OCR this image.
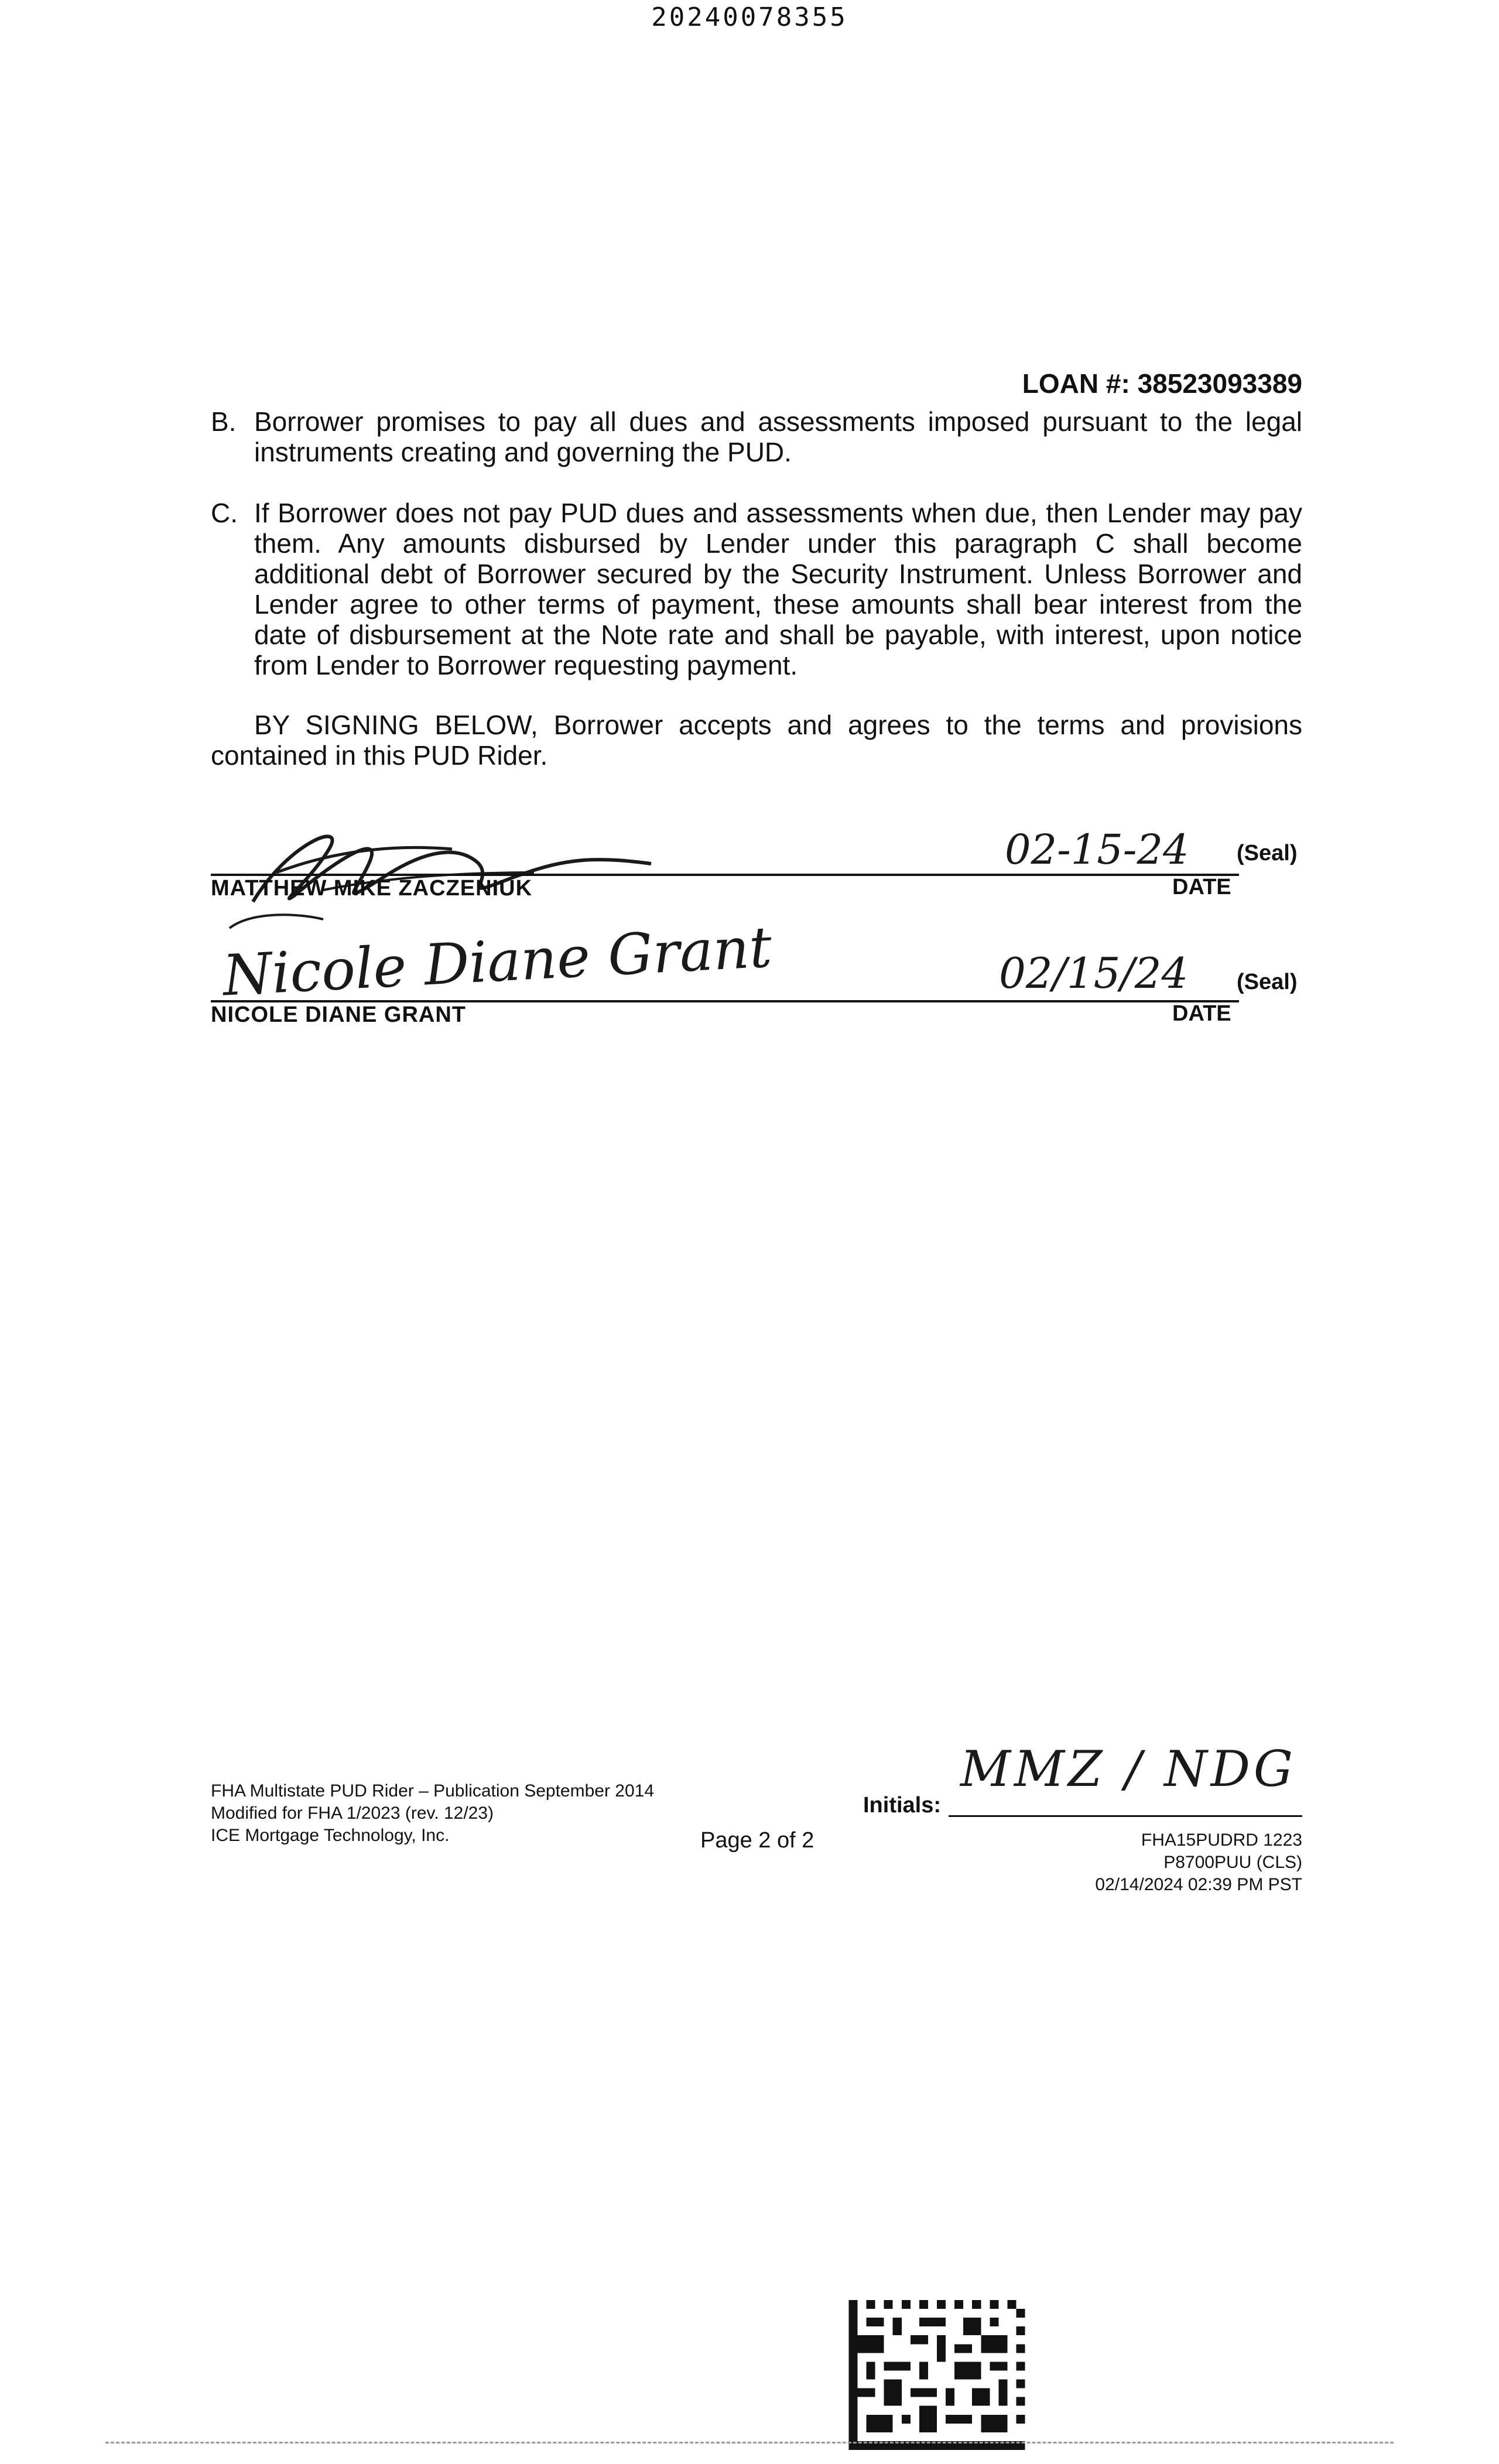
20240078355
LOAN #: 38523093389
B. Borrower promises to pay all dues and assessments imposed pursuant to the legal instruments creating and governing the PUD.
C. If Borrower does not pay PUD dues and assessments when due, then Lender may pay them. Any amounts disbursed by Lender under this paragraph C shall become additional debt of Borrower secured by the Security Instrument. Unless Borrower and Lender agree to other terms of payment, these amounts shall bear interest from the date of disbursement at the Note rate and shall be payable, with interest, upon notice from Lender to Borrower requesting payment.
BY SIGNING BELOW, Borrower accepts and agrees to the terms and provisions contained in this PUD Rider.
02-15-24 (Seal)
MATTHEW MIKE ZACZENIUK	DATE
Nicole Diane Grant	02/15/24 (Seal)
NICOLE DIANE GRANT	DATE
FHA Multistate PUD Rider – Publication September 2014
Modified for FHA 1/2023 (rev. 12/23)
ICE Mortgage Technology, Inc.	Page 2 of 2
Initials:
MMZ / NDG
FHA15PUDRD 1223
P8700PUU (CLS)
02/14/2024 02:39 PM PST
